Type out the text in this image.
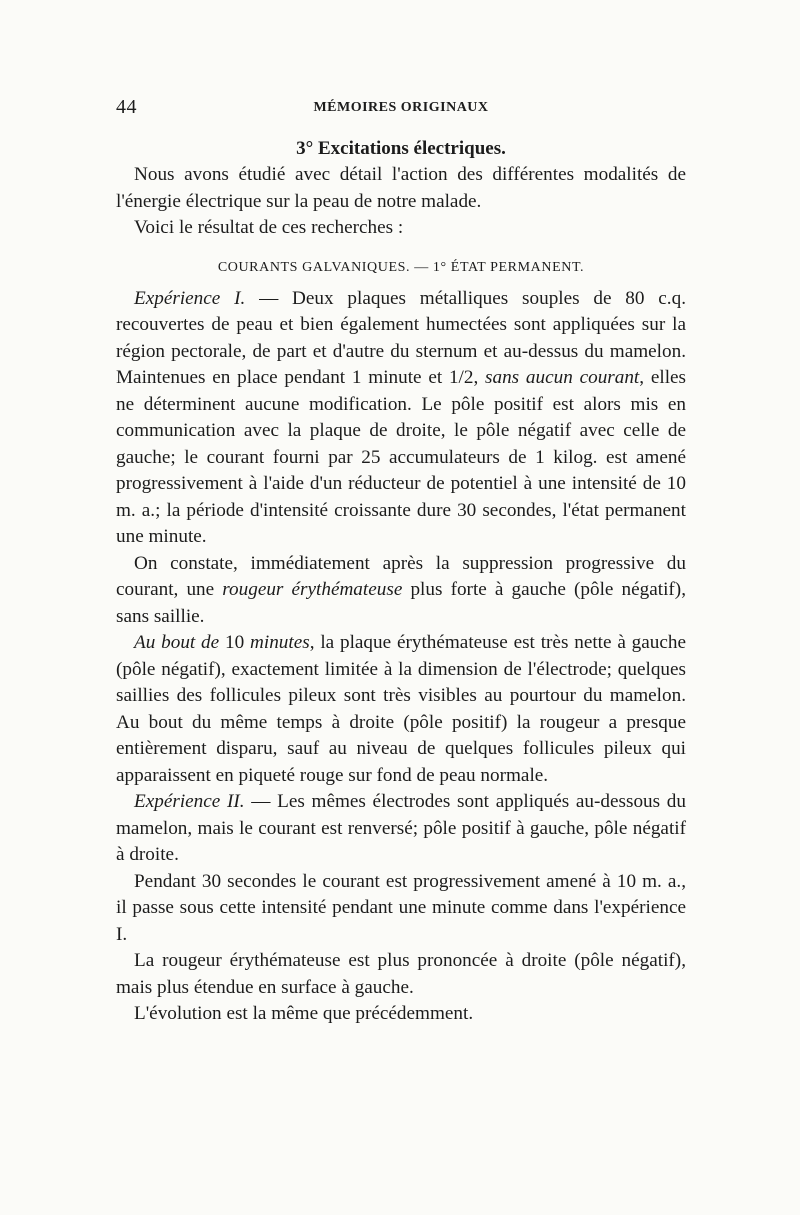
44	MÉMOIRES ORIGINAUX
3° Excitations électriques.

Nous avons étudié avec détail l'action des différentes modalités de l'énergie électrique sur la peau de notre malade.

Voici le résultat de ces recherches :

COURANTS GALVANIQUES. — 1° ÉTAT PERMANENT.

Expérience I. — Deux plaques métalliques souples de 80 c.q. recouvertes de peau et bien également humectées sont appliquées sur la région pectorale, de part et d'autre du sternum et au-dessus du mamelon. Maintenues en place pendant 1 minute et 1/2, sans aucun courant, elles ne déterminent aucune modification. Le pôle positif est alors mis en communication avec la plaque de droite, le pôle négatif avec celle de gauche; le courant fourni par 25 accumulateurs de 1 kilog. est amené progressivement à l'aide d'un réducteur de potentiel à une intensité de 10 m. a.; la période d'intensité croissante dure 30 secondes, l'état permanent une minute.

On constate, immédiatement après la suppression progressive du courant, une rougeur érythémateuse plus forte à gauche (pôle négatif), sans saillie.

Au bout de 10 minutes, la plaque érythémateuse est très nette à gauche (pôle négatif), exactement limitée à la dimension de l'électrode; quelques saillies des follicules pileux sont très visibles au pourtour du mamelon. Au bout du même temps à droite (pôle positif) la rougeur a presque entièrement disparu, sauf au niveau de quelques follicules pileux qui apparaissent en piqueté rouge sur fond de peau normale.

Expérience II. — Les mêmes électrodes sont appliqués au-dessous du mamelon, mais le courant est renversé; pôle positif à gauche, pôle négatif à droite.

Pendant 30 secondes le courant est progressivement amené à 10 m. a., il passe sous cette intensité pendant une minute comme dans l'expérience I.

La rougeur érythémateuse est plus prononcée à droite (pôle négatif), mais plus étendue en surface à gauche.

L'évolution est la même que précédemment.
